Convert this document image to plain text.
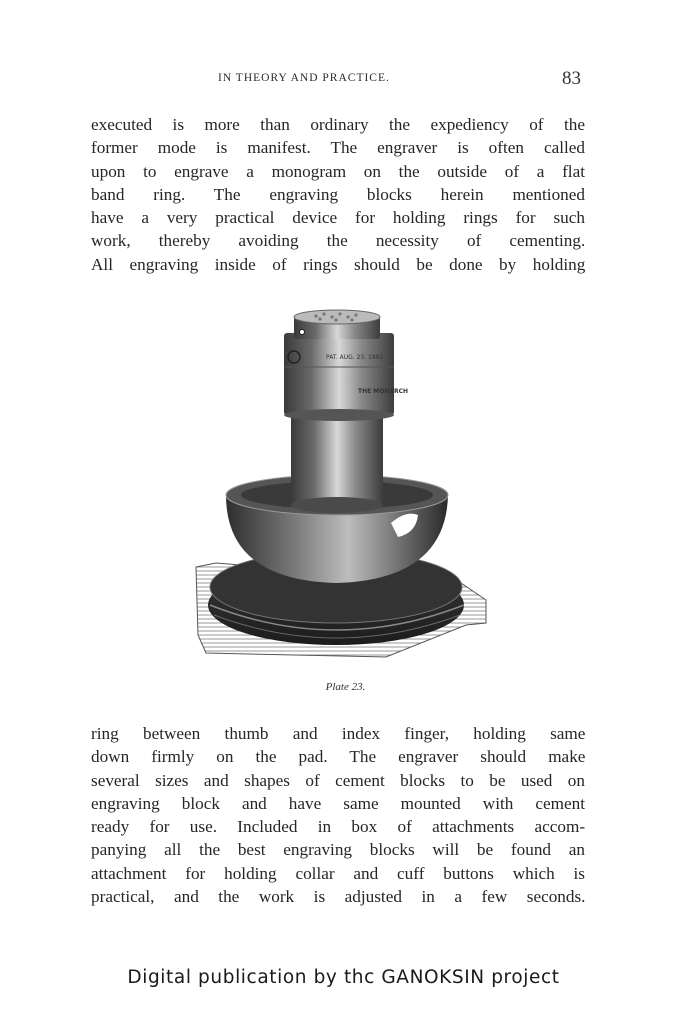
IN THEORY AND PRACTICE.	83
executed is more than ordinary the expediency of the
former mode is manifest. The engraver is often called
upon to engrave a monogram on the outside of a flat
band ring. The engraving blocks herein mentioned
have a very practical device for holding rings for such
work, thereby avoiding the necessity of cementing.
All engraving inside of rings should be done by holding
PAT. AUG. 23. 1892
THE MONARCH
Plate 23.
ring between thumb and index finger, holding same
down firmly on the pad. The engraver should make
several sizes and shapes of cement blocks to be used on
engraving block and have same mounted with cement
ready for use. Included in box of attachments accom-
panying all the best engraving blocks will be found an
attachment for holding collar and cuff buttons which is
practical, and the work is adjusted in a few seconds.
Digital publication by thc GANOKSIN project
